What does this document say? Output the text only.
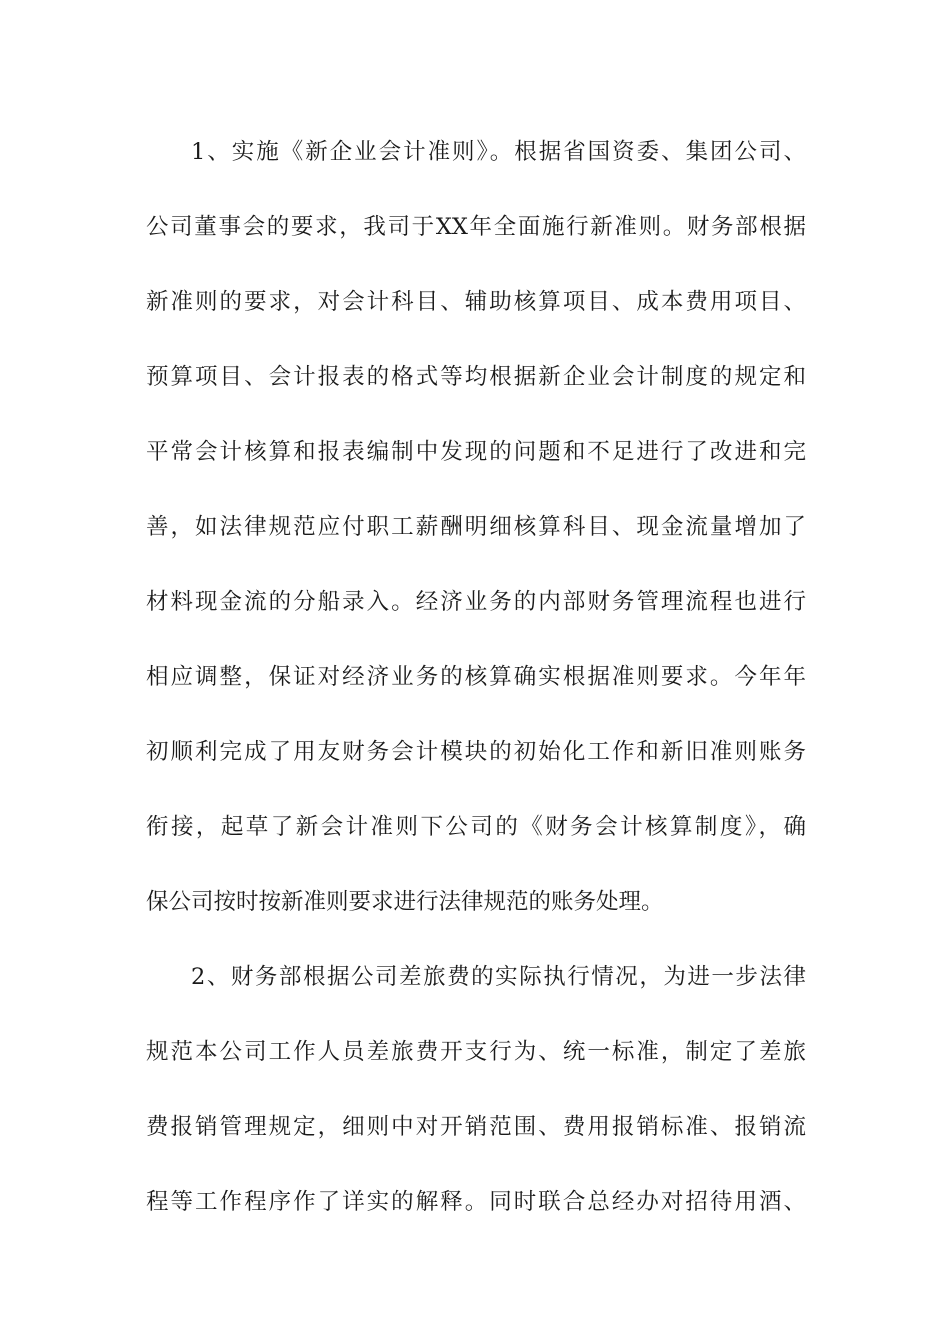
1、实施《新企业会计准则》。根据省国资委、集团公司、
公司董事会的要求，我司于XX年全面施行新准则。财务部根据
新准则的要求，对会计科目、辅助核算项目、成本费用项目、
预算项目、会计报表的格式等均根据新企业会计制度的规定和
平常会计核算和报表编制中发现的问题和不足进行了改进和完
善，如法律规范应付职工薪酬明细核算科目、现金流量增加了
材料现金流的分船录入。经济业务的内部财务管理流程也进行
相应调整，保证对经济业务的核算确实根据准则要求。今年年
初顺利完成了用友财务会计模块的初始化工作和新旧准则账务
衔接，起草了新会计准则下公司的《财务会计核算制度》，确
保公司按时按新准则要求进行法律规范的账务处理。
2、财务部根据公司差旅费的实际执行情况，为进一步法律
规范本公司工作人员差旅费开支行为、统一标准，制定了差旅
费报销管理规定，细则中对开销范围、费用报销标准、报销流
程等工作程序作了详实的解释。同时联合总经办对招待用酒、
